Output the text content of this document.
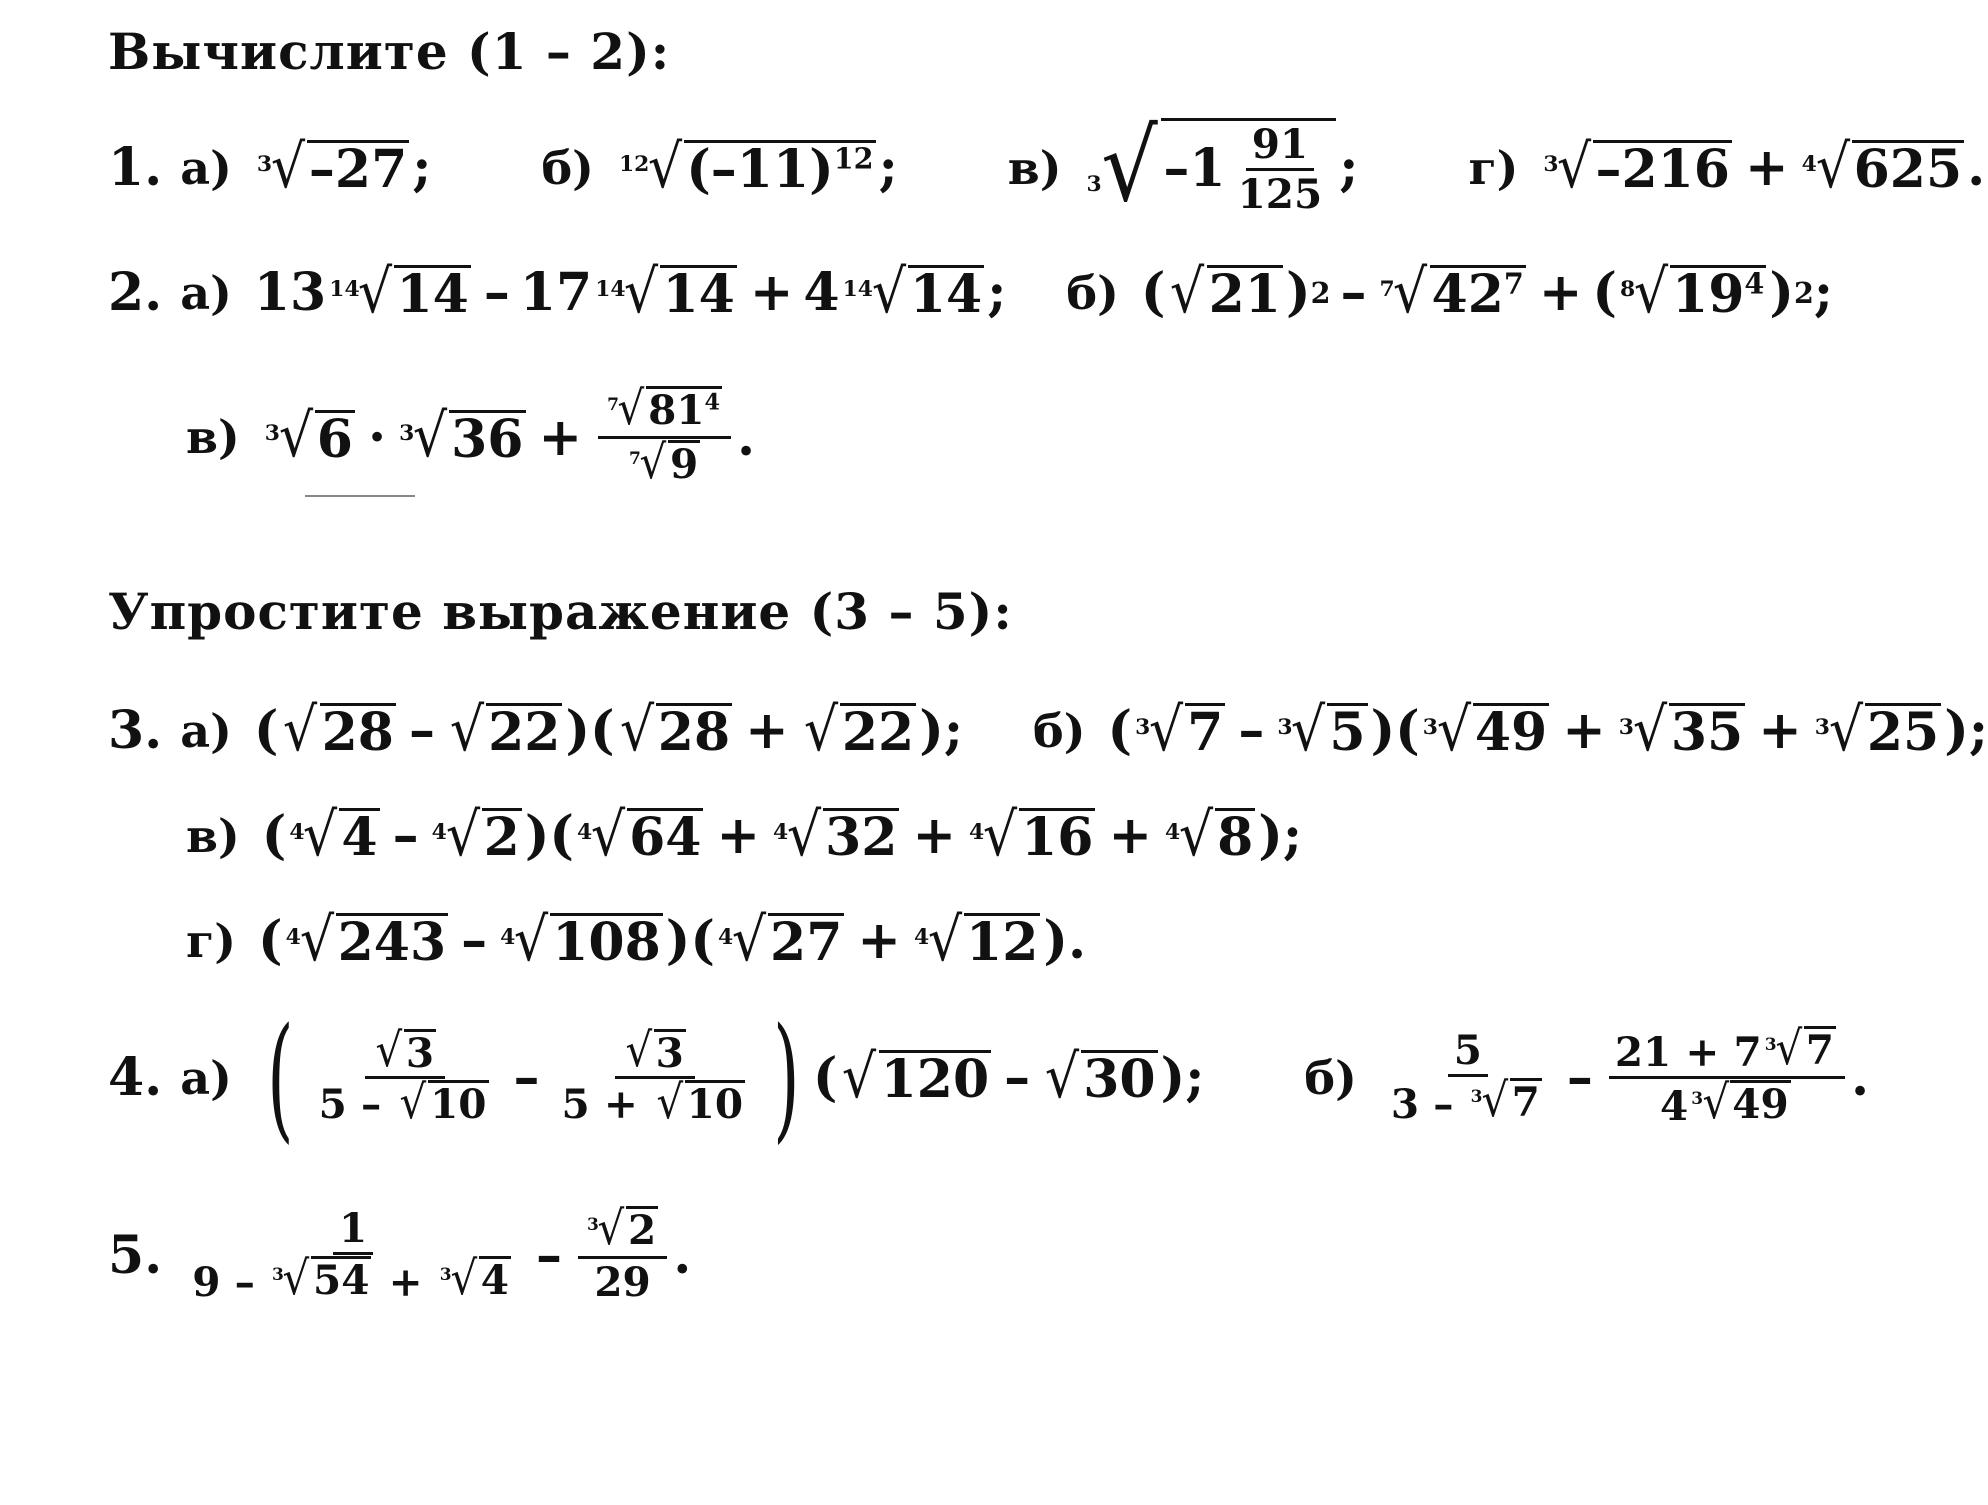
Вычислите (1 – 2):
1. а) 3
√ –27 ; б) 12
√ $(-11)^{12}$ ; в) 3 √ $-1 \frac{91}{125}$ ; г) 3
√ –216 + 4
√ 625 .
2. а) 13 14
√ 14 – 17 14
√ 14 + 4 14
√ 14 ; б) ( √ 21 ) 2 – 7
√ $42^7$ + ( 8
√ $19^4$ ) 2 ;
в) 3
√ 6 · 3
√ 36 + 7
√ $81^4$
7
√ 9 .
Упростите выражение (3 – 5):
3. а) ( √ 28 – √ 22 )( √ 28 + √ 22 ) ; б) ( 3
√ 7 – 3
√ 5 )( 3
√ 49 + 3
√ 35 + 3
√ 25 ) ;
в) ( 4
√ 4 – 4
√ 2 )( 4
√ 64 + 4
√ 32 + 4
√ 16 + 4
√ 8 ) ;
г) ( 4
√ 243 – 4
√ 108 )( 4
√ 27 + 4
√ 12 ) .
4. а) ( $\frac{√ 3}{5 - √ 10} - \frac{√ 3}{5 + √ 10}$ ) ( √ 120 – √ 30 ) ; б) 5
3 – 3
√ 7 – 21 + 7 3
√ 7
4 3
√ 49 .
5. 1
9 – 3
√ 54 + 3
√ 4 – 3
√ 2
29 .
